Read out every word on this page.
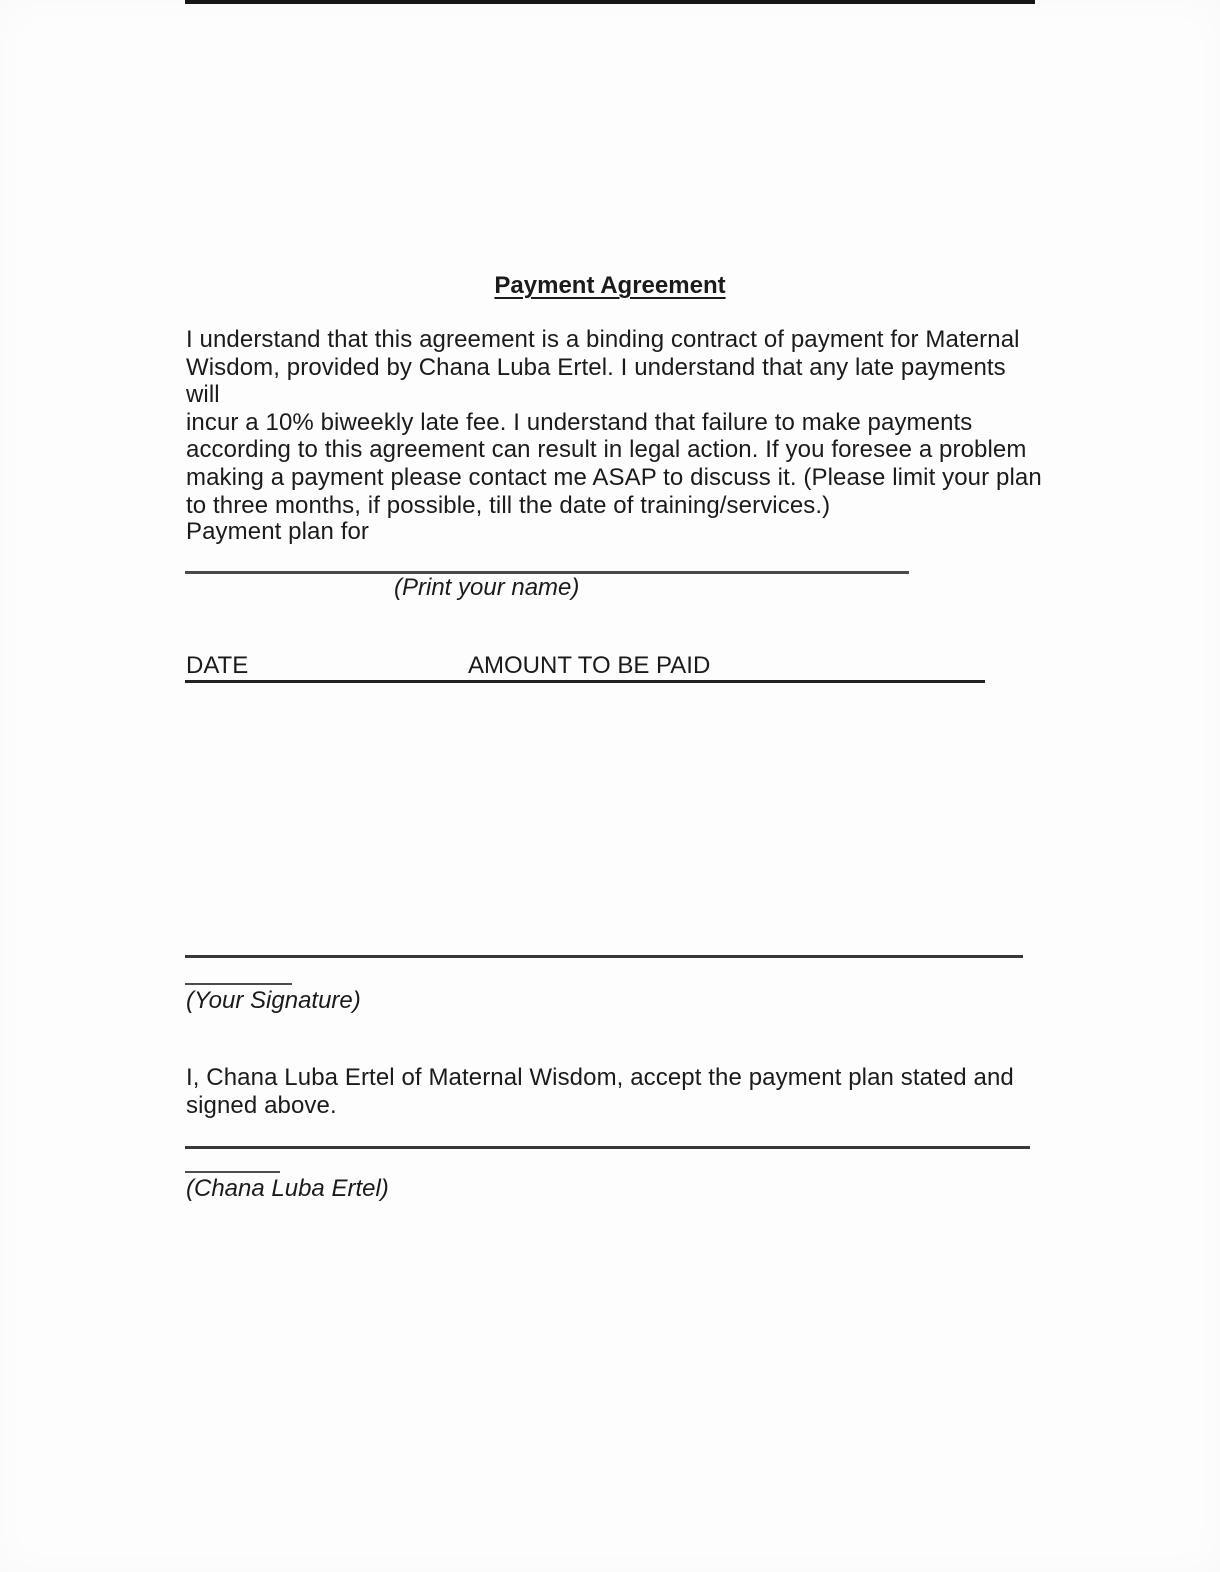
Payment Agreement
I understand that this agreement is a binding contract of payment for Maternal
Wisdom, provided by Chana Luba Ertel. I understand that any late payments will
incur a 10% biweekly late fee. I understand that failure to make payments
according to this agreement can result in legal action. If you foresee a problem
making a payment please contact me ASAP to discuss it. (Please limit your plan
to three months, if possible, till the date of training/services.)
Payment plan for
(Print your name)
DATE	AMOUNT TO BE PAID
(Your Signature)
I, Chana Luba Ertel of Maternal Wisdom, accept the payment plan stated and
signed above.
(Chana Luba Ertel)
